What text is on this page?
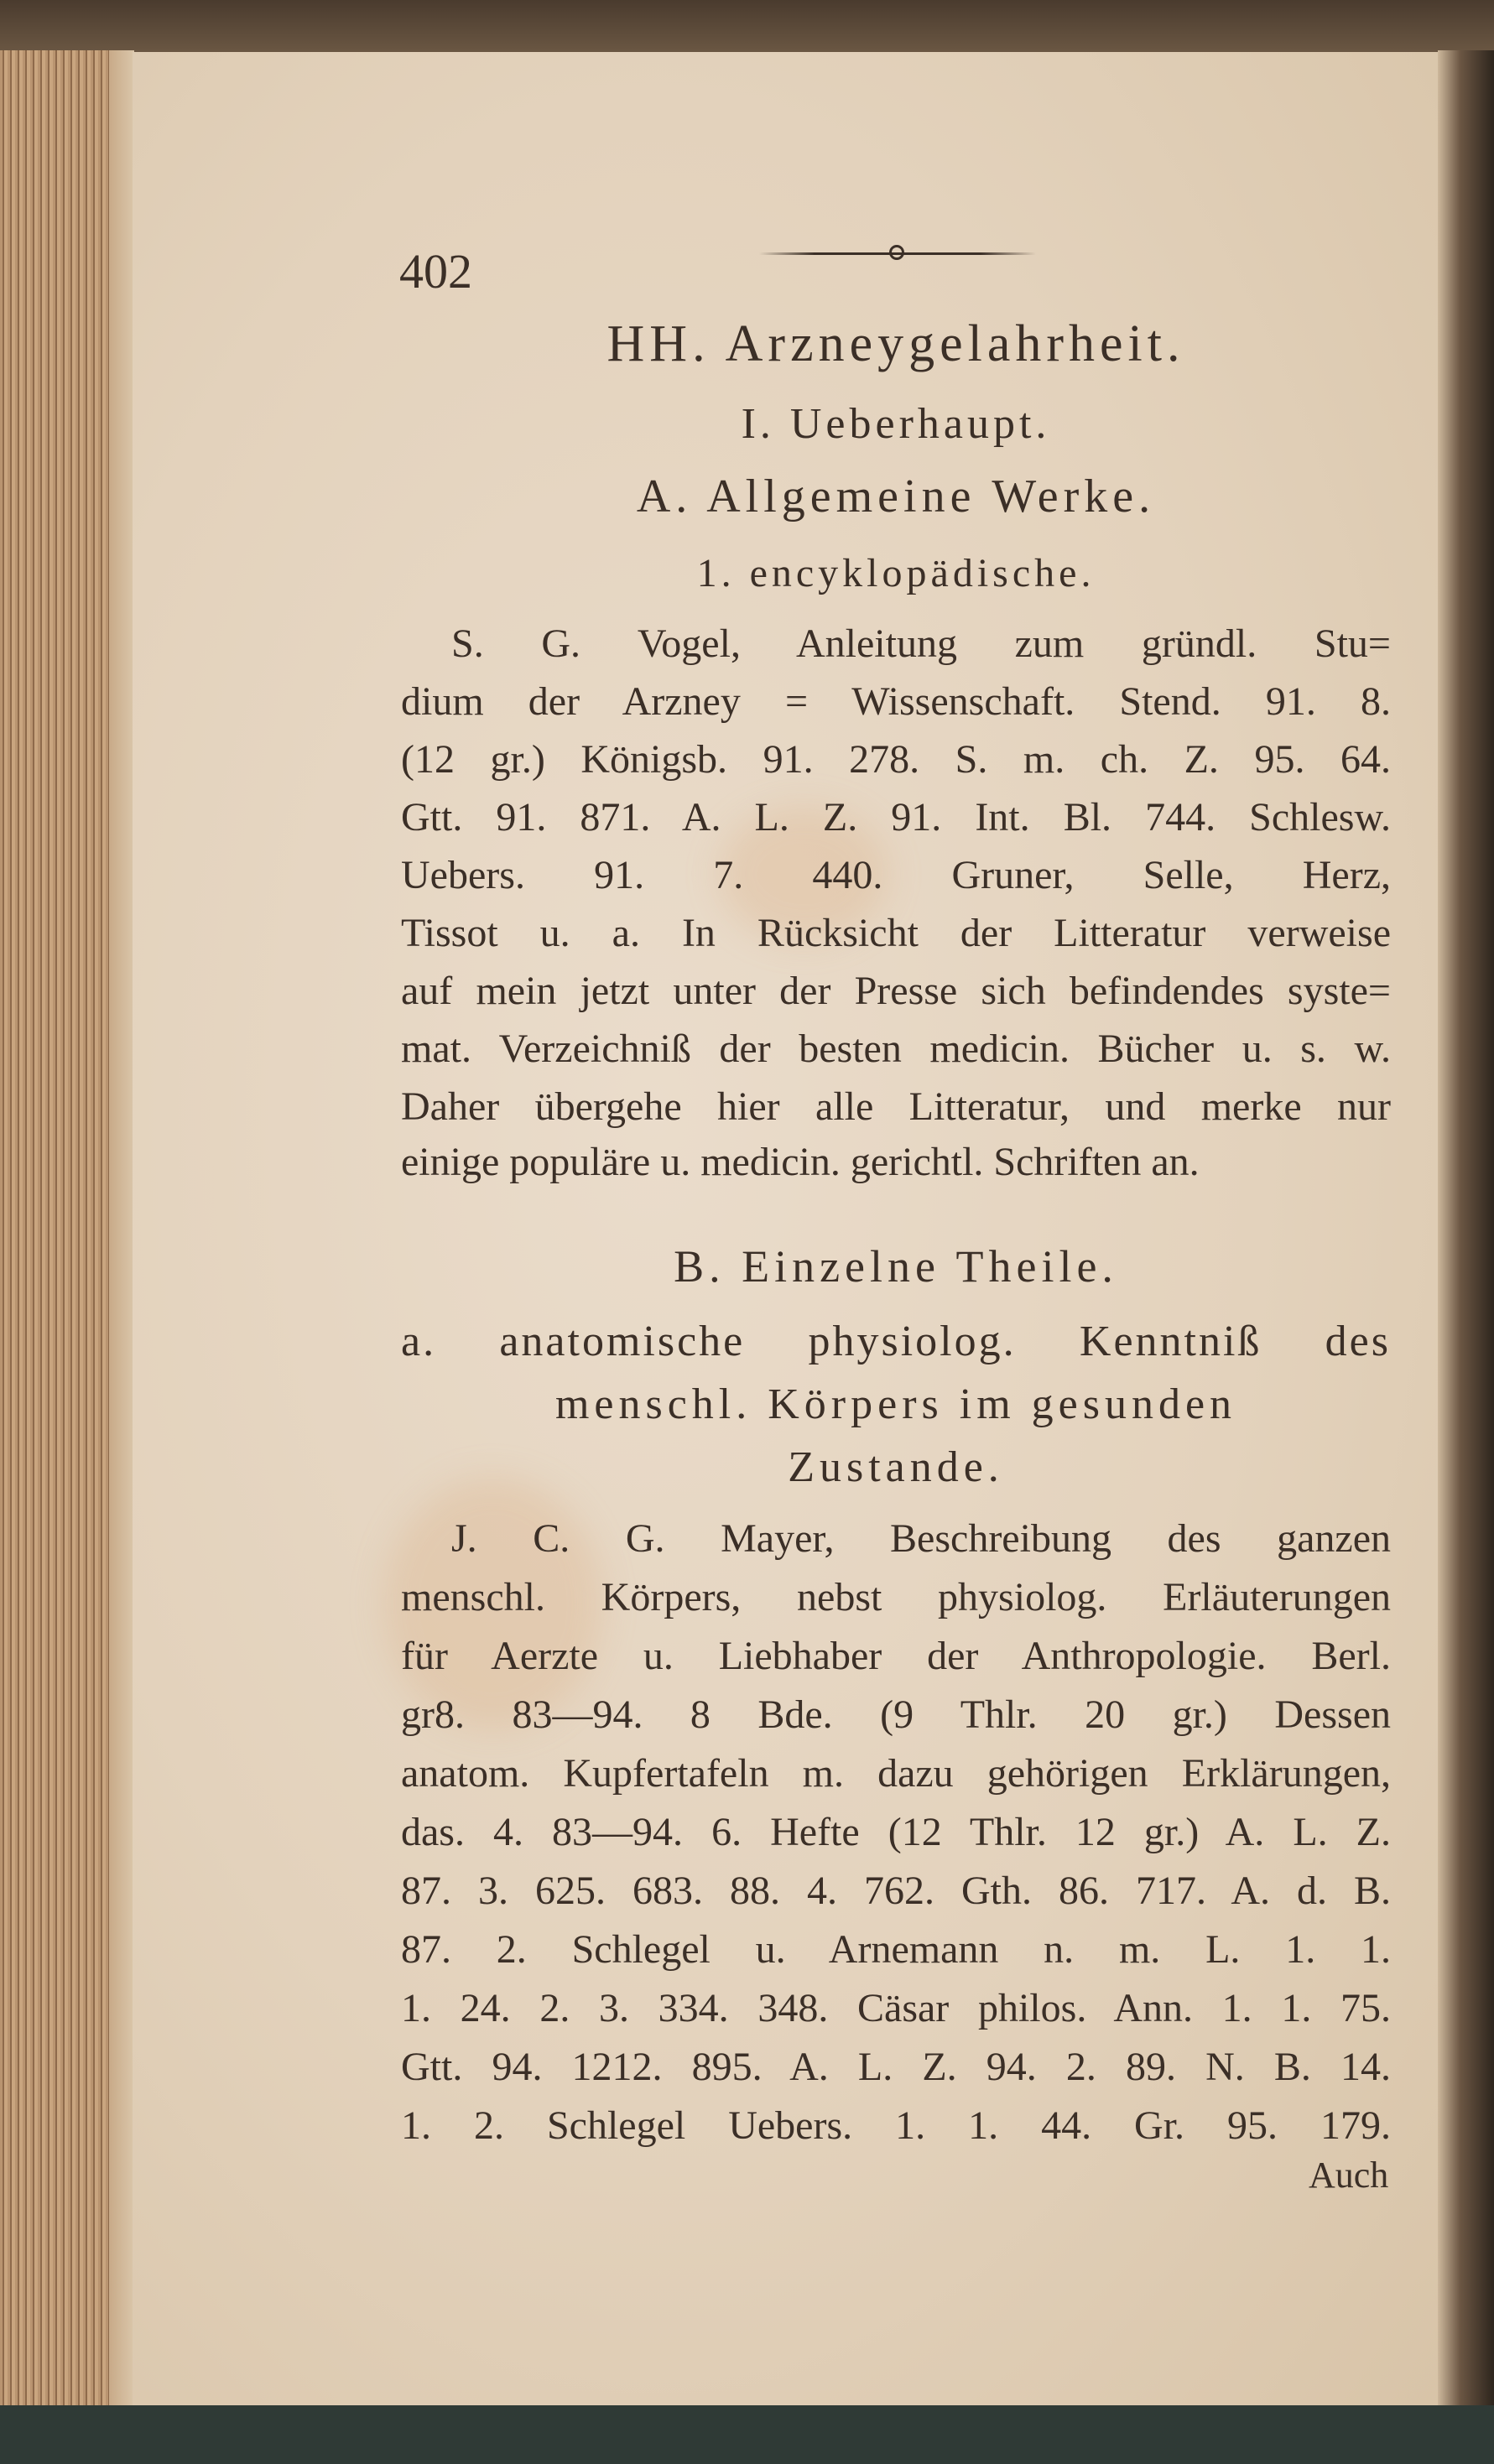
402
HH. Arzneygelahrheit.
I. Ueberhaupt.
A. Allgemeine Werke.
1. encyklopädische.
S. G. Vogel, Anleitung zum gründl. Stu=
dium der Arzney = Wissenschaft. Stend. 91. 8.
(12 gr.) Königsb. 91. 278. S. m. ch. Z. 95. 64.
Gtt. 91. 871. A. L. Z. 91. Int. Bl. 744. Schlesw.
Uebers. 91. 7. 440. Gruner, Selle, Herz,
Tissot u. a. In Rücksicht der Litteratur verweise
auf mein jetzt unter der Presse sich befindendes syste=
mat. Verzeichniß der besten medicin. Bücher u. s. w.
Daher übergehe hier alle Litteratur, und merke nur
einige populäre u. medicin. gerichtl. Schriften an.
B. Einzelne Theile.
a. anatomische physiolog. Kenntniß des
menschl. Körpers im gesunden
Zustande.
J. C. G. Mayer, Beschreibung des ganzen
menschl. Körpers, nebst physiolog. Erläuterungen
für Aerzte u. Liebhaber der Anthropologie. Berl.
gr8. 83—94. 8 Bde. (9 Thlr. 20 gr.) Dessen
anatom. Kupfertafeln m. dazu gehörigen Erklärungen,
das. 4. 83—94. 6. Hefte (12 Thlr. 12 gr.) A. L. Z.
87. 3. 625. 683. 88. 4. 762. Gth. 86. 717. A. d. B.
87. 2. Schlegel u. Arnemann n. m. L. 1. 1.
1. 24. 2. 3. 334. 348. Cäsar philos. Ann. 1. 1. 75.
Gtt. 94. 1212. 895. A. L. Z. 94. 2. 89. N. B. 14.
1. 2. Schlegel Uebers. 1. 1. 44. Gr. 95. 179.
Auch
